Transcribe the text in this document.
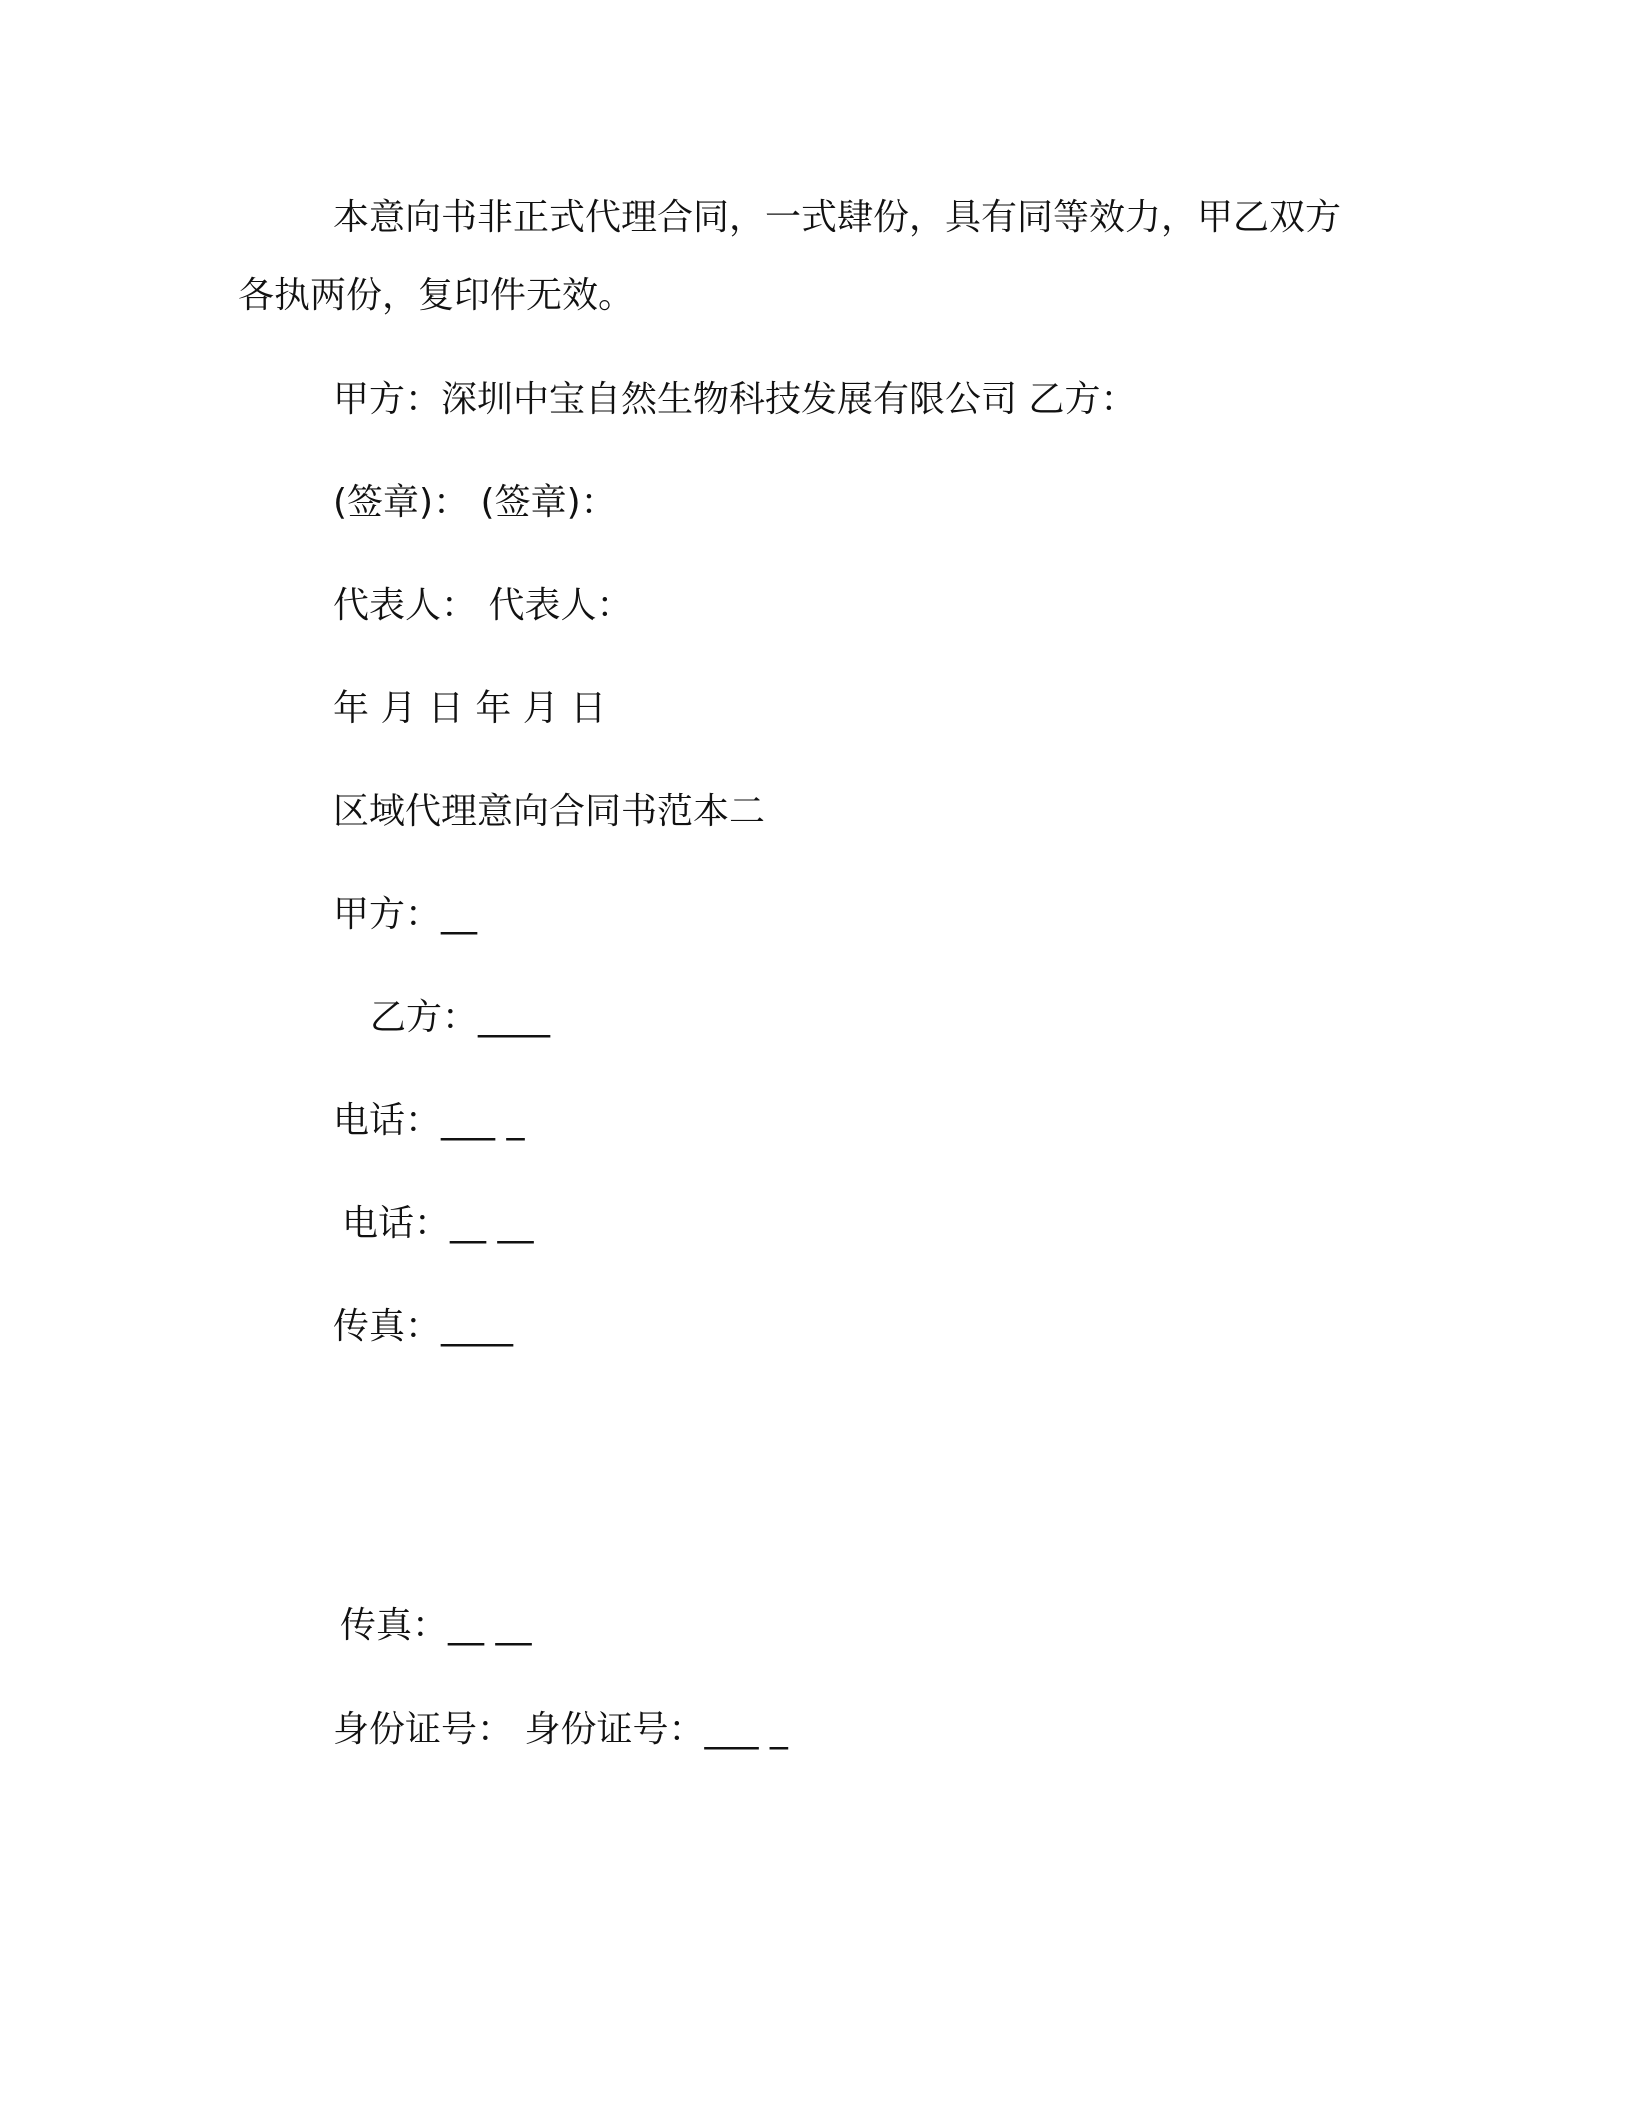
本意向书非正式代理合同，一式肆份，具有同等效力，甲乙双方
各执两份，复印件无效。
甲方：深圳中宝自然生物科技发展有限公司 乙方：
(签章)： (签章)：
代表人： 代表人：
年 月 日 年 月 日
区域代理意向合同书范本二
甲方：__
乙方：____
电话：___ _
电话：__ __
传真：____
传真：__ __
身份证号： 身份证号：___ _
